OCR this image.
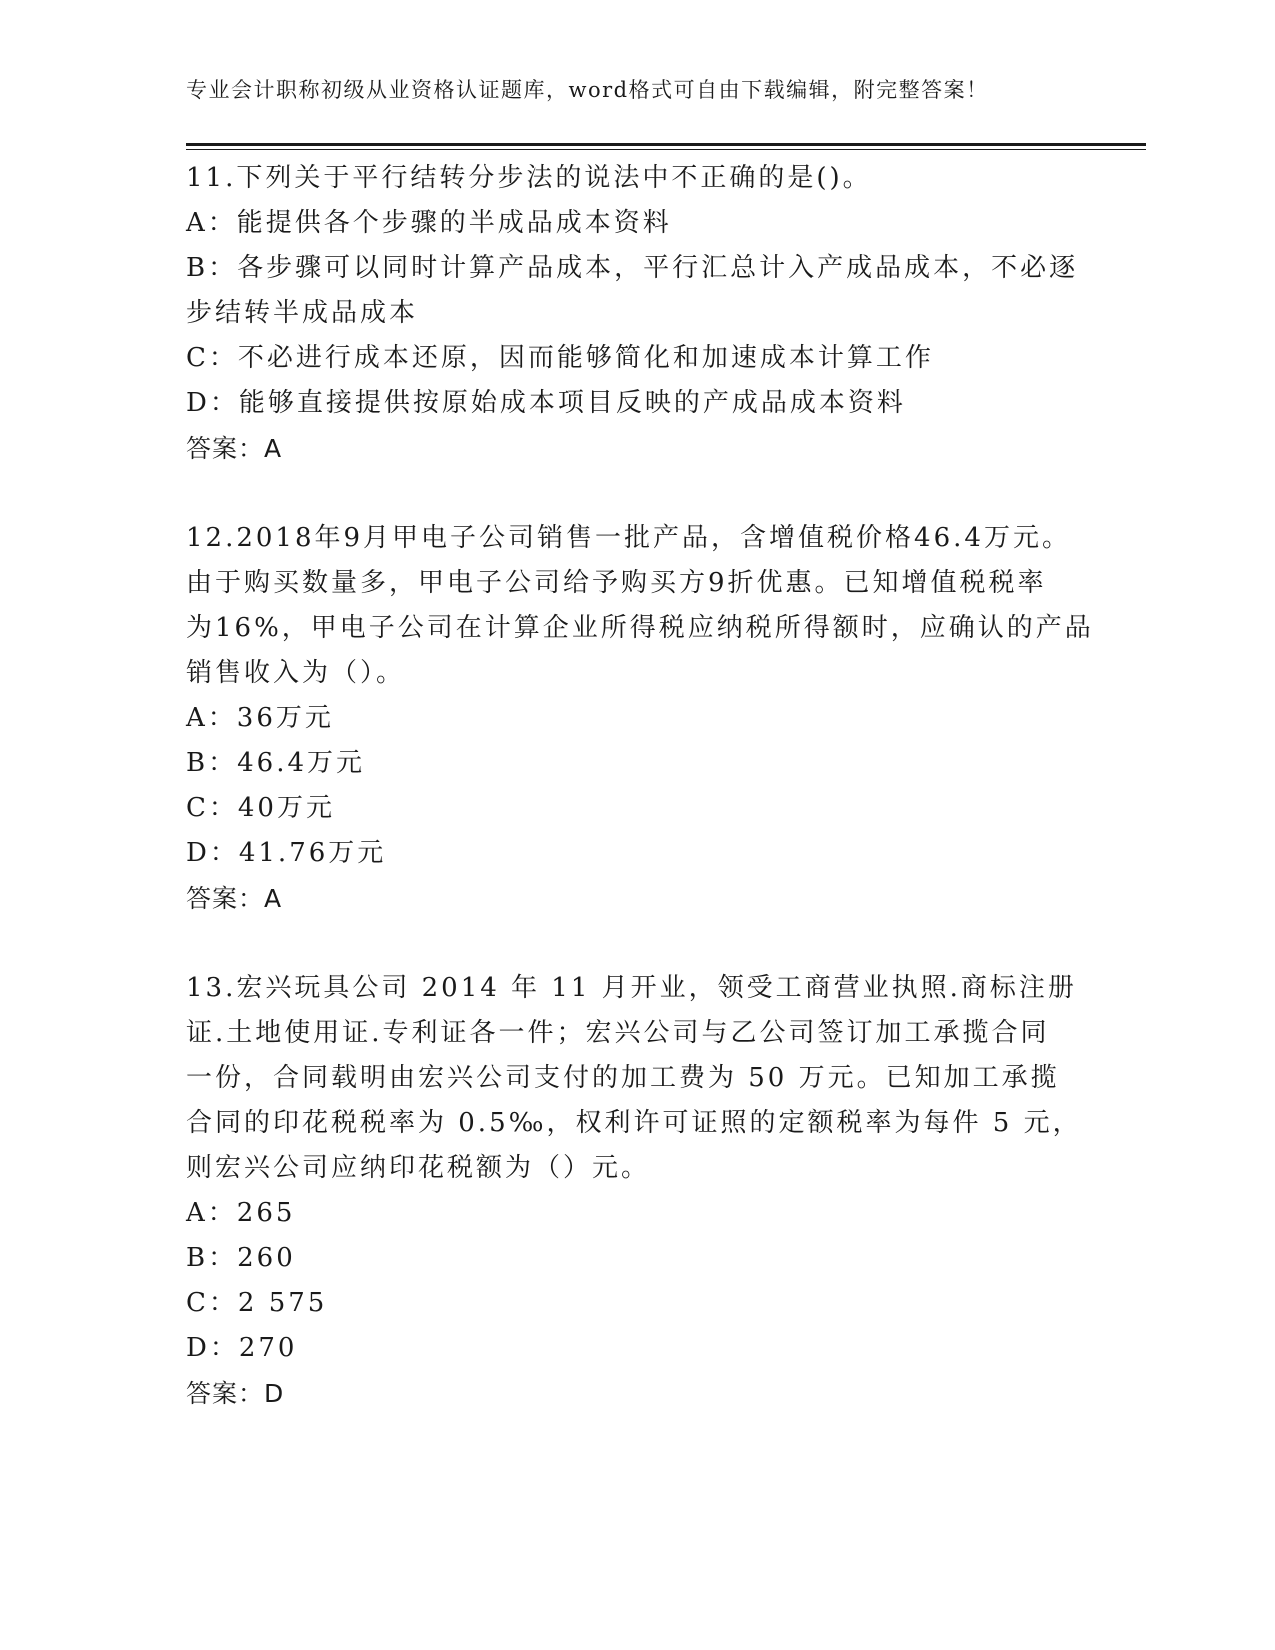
专业会计职称初级从业资格认证题库，word格式可自由下载编辑，附完整答案！
11.下列关于平行结转分步法的说法中不正确的是()。
A：能提供各个步骤的半成品成本资料
B：各步骤可以同时计算产品成本，平行汇总计入产成品成本，不必逐
步结转半成品成本
C：不必进行成本还原，因而能够简化和加速成本计算工作
D：能够直接提供按原始成本项目反映的产成品成本资料
答案：A
12.2018年9月甲电子公司销售一批产品，含增值税价格46.4万元。
由于购买数量多，甲电子公司给予购买方9折优惠。已知增值税税率
为16%，甲电子公司在计算企业所得税应纳税所得额时，应确认的产品
销售收入为（）。
A：36万元
B：46.4万元
C：40万元
D：41.76万元
答案：A
13.宏兴玩具公司 2014 年 11 月开业，领受工商营业执照.商标注册
证.土地使用证.专利证各一件；宏兴公司与乙公司签订加工承揽合同
一份，合同载明由宏兴公司支付的加工费为 50 万元。已知加工承揽
合同的印花税税率为 0.5‰，权利许可证照的定额税率为每件 5 元，
则宏兴公司应纳印花税额为（）元。
A：265
B：260
C：2 575
D：270
答案：D
